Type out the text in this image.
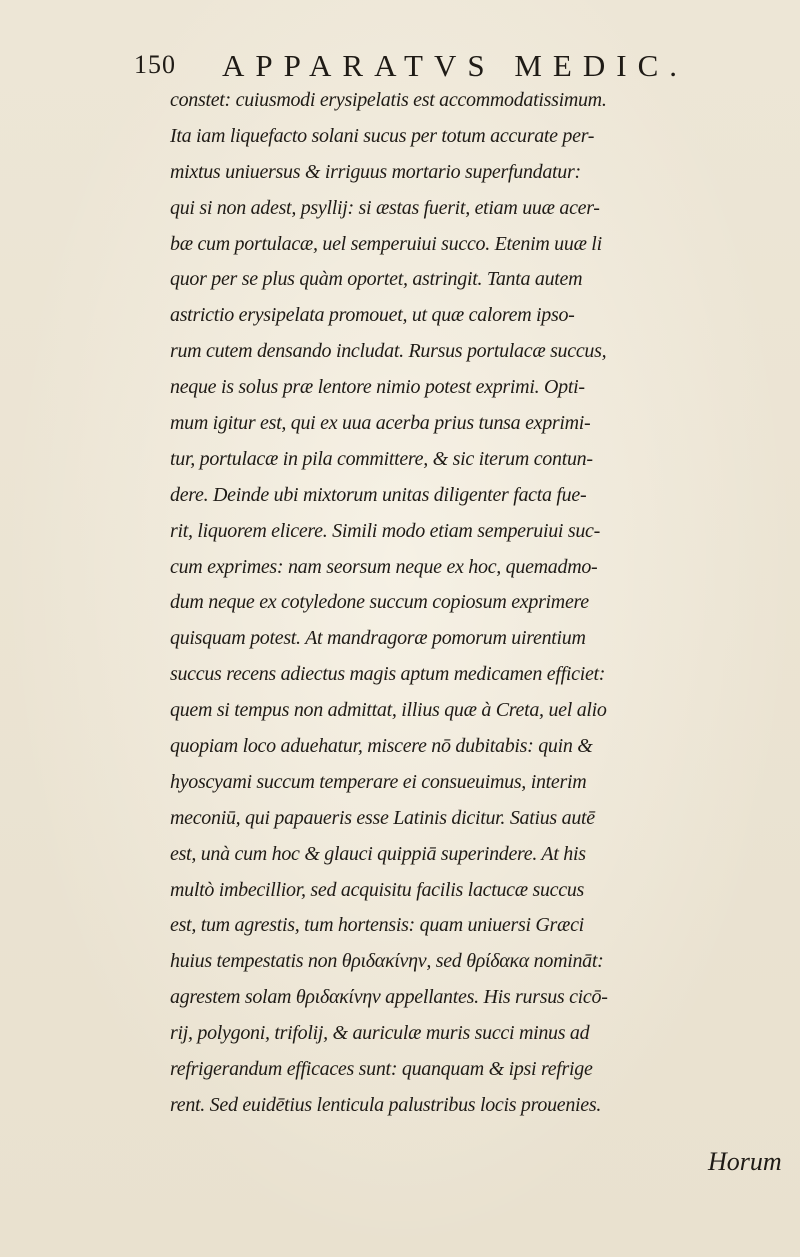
150 APPARATVS MEDIC.
constet: cuiusmodi erysipelatis est accommodatissimum.
Ita iam liquefacto solani sucus per totum accurate per-
mixtus uniuersus & irriguus mortario superfundatur:
qui si non adest, psyllij: si æstas fuerit, etiam uuæ acer-
bæ cum portulacæ, uel semperuiui succo. Etenim uuæ li
quor per se plus quàm oportet, astringit. Tanta autem
astrictio erysipelata promouet, ut quæ calorem ipso-
rum cutem densando includat. Rursus portulacæ succus,
neque is solus præ lentore nimio potest exprimi. Opti-
mum igitur est, qui ex uua acerba prius tunsa exprimi-
tur, portulacæ in pila committere, & sic iterum contun-
dere. Deinde ubi mixtorum unitas diligenter facta fue-
rit, liquorem elicere. Simili modo etiam semperuiui suc-
cum exprimes: nam seorsum neque ex hoc, quemadmo-
dum neque ex cotyledone succum copiosum exprimere
quisquam potest. At mandragoræ pomorum uirentium
succus recens adiectus magis aptum medicamen efficiet:
quem si tempus non admittat, illius quæ à Creta, uel alio
quopiam loco aduehatur, miscere nō dubitabis: quin &
hyoscyami succum temperare ei consueuimus, interim
meconiū, qui papaueris esse Latinis dicitur. Satius autē
est, unà cum hoc & glauci quippiā superindere. At his
multò imbecillior, sed acquisitu facilis lactucæ succus
est, tum agrestis, tum hortensis: quam uniuersi Græci
huius tempestatis non θριδακίνην, sed θρίδακα nomināt:
agrestem solam θριδακίνην appellantes. His rursus cicō-
rij, polygoni, trifolij, & auriculæ muris succi minus ad
refrigerandum efficaces sunt: quanquam & ipsi refrige
rent. Sed euidētius lenticula palustribus locis prouenies.
Horum
